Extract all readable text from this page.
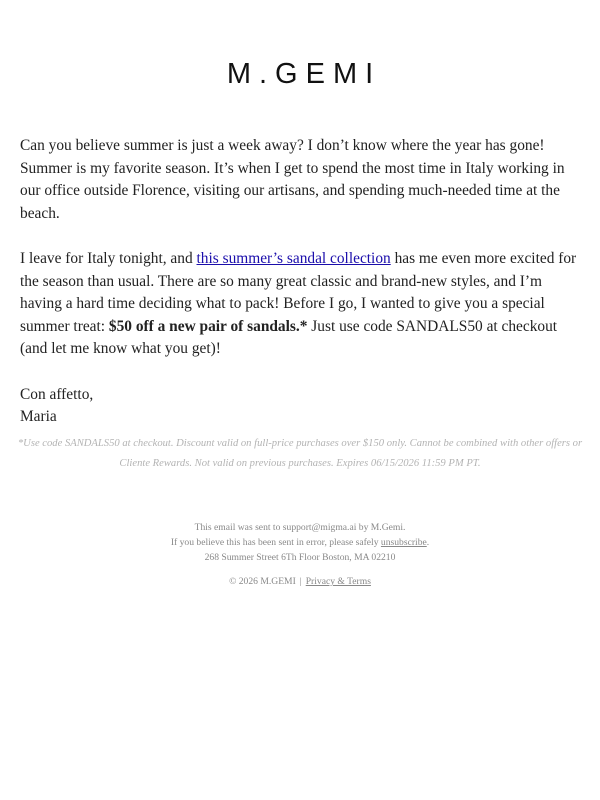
M.GEMI

Can you believe summer is just a week away? I don’t know where the year has gone! Summer is my favorite season. It’s when I get to spend the most time in Italy working in our office outside Florence, visiting our artisans, and spending much-needed time at the beach.

I leave for Italy tonight, and this summer’s sandal collection has me even more excited for the season than usual. There are so many great classic and brand-new styles, and I’m having a hard time deciding what to pack! Before I go, I wanted to give you a special summer treat: $50 off a new pair of sandals.* Just use code SANDALS50 at checkout (and let me know what you get)!

Con affetto,

Maria

*Use code SANDALS50 at checkout. Discount valid on full-price purchases over $150 only. Cannot be combined with other offers or Cliente Rewards. Not valid on previous purchases. Expires 06/15/2026 11:59 PM PT.
This email was sent to support@migma.ai by M.Gemi.
If you believe this has been sent in error, please safely unsubscribe.
268 Summer Street 6Th Floor Boston, MA 02210
© 2026 M.GEMI | Privacy & Terms
